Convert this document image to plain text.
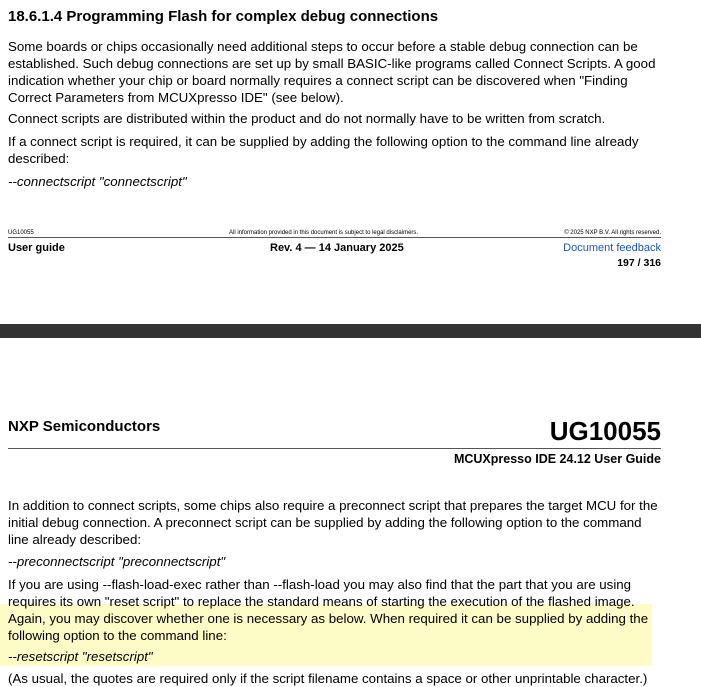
18.6.1.4 Programming Flash for complex debug connections
Some boards or chips occasionally need additional steps to occur before a stable debug connection can be
established. Such debug connections are set up by small BASIC-like programs called Connect Scripts. A good
indication whether your chip or board normally requires a connect script can be discovered when "Finding
Correct Parameters from MCUXpresso IDE" (see below).
Connect scripts are distributed within the product and do not normally have to be written from scratch.
If a connect script is required, it can be supplied by adding the following option to the command line already
described:
--connectscript "connectscript"
UG10055	All information provided in this document is subject to legal disclaimers.	© 2025 NXP B.V. All rights reserved.
User guide	Rev. 4 — 14 January 2025	Document feedback
197 / 316
NXP Semiconductors	UG10055
MCUXpresso IDE 24.12 User Guide
In addition to connect scripts, some chips also require a preconnect script that prepares the target MCU for the
initial debug connection. A preconnect script can be supplied by adding the following option to the command
line already described:
--preconnectscript "preconnectscript"
If you are using --flash-load-exec rather than --flash-load you may also find that the part that you are using
requires its own "reset script" to replace the standard means of starting the execution of the flashed image.
Again, you may discover whether one is necessary as below. When required it can be supplied by adding the
following option to the command line:
--resetscript "resetscript"
(As usual, the quotes are required only if the script filename contains a space or other unprintable character.)
